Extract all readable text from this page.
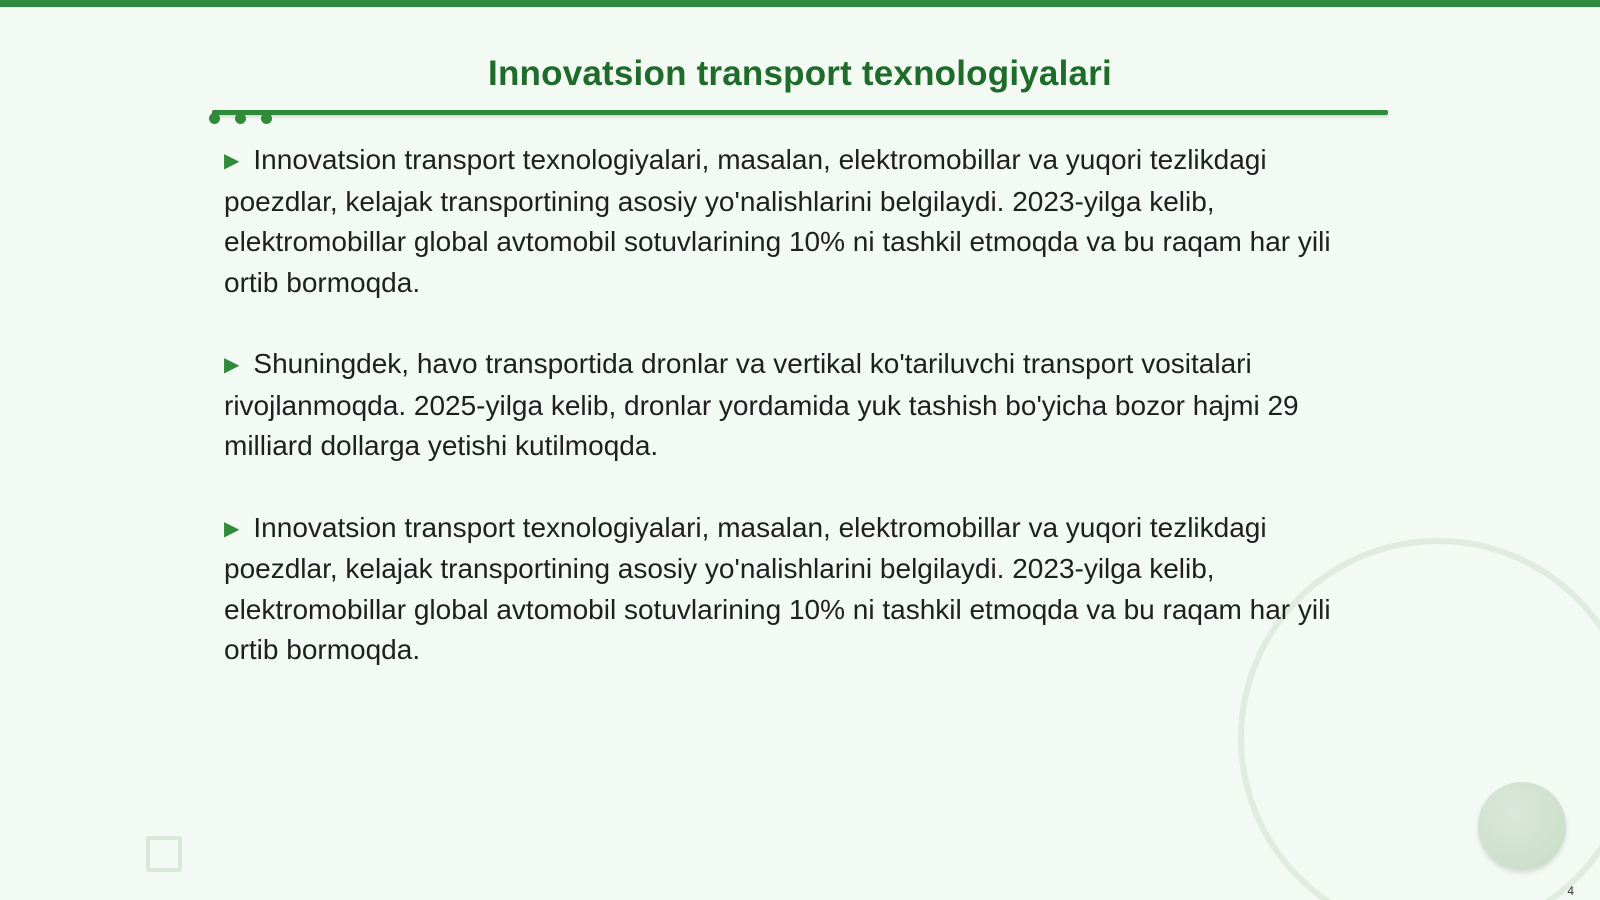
Innovatsion transport texnologiyalari

▶ Innovatsion transport texnologiyalari, masalan, elektromobillar va yuqori tezlikdagi poezdlar, kelajak transportining asosiy yo'nalishlarini belgilaydi. 2023-yilga kelib, elektromobillar global avtomobil sotuvlarining 10% ni tashkil etmoqda va bu raqam har yili ortib bormoqda.

▶ Shuningdek, havo transportida dronlar va vertikal ko'tariluvchi transport vositalari rivojlanmoqda. 2025-yilga kelib, dronlar yordamida yuk tashish bo'yicha bozor hajmi 29 milliard dollarga yetishi kutilmoqda.

▶ Innovatsion transport texnologiyalari, masalan, elektromobillar va yuqori tezlikdagi poezdlar, kelajak transportining asosiy yo'nalishlarini belgilaydi. 2023-yilga kelib, elektromobillar global avtomobil sotuvlarining 10% ni tashkil etmoqda va bu raqam har yili ortib bormoqda.

4
